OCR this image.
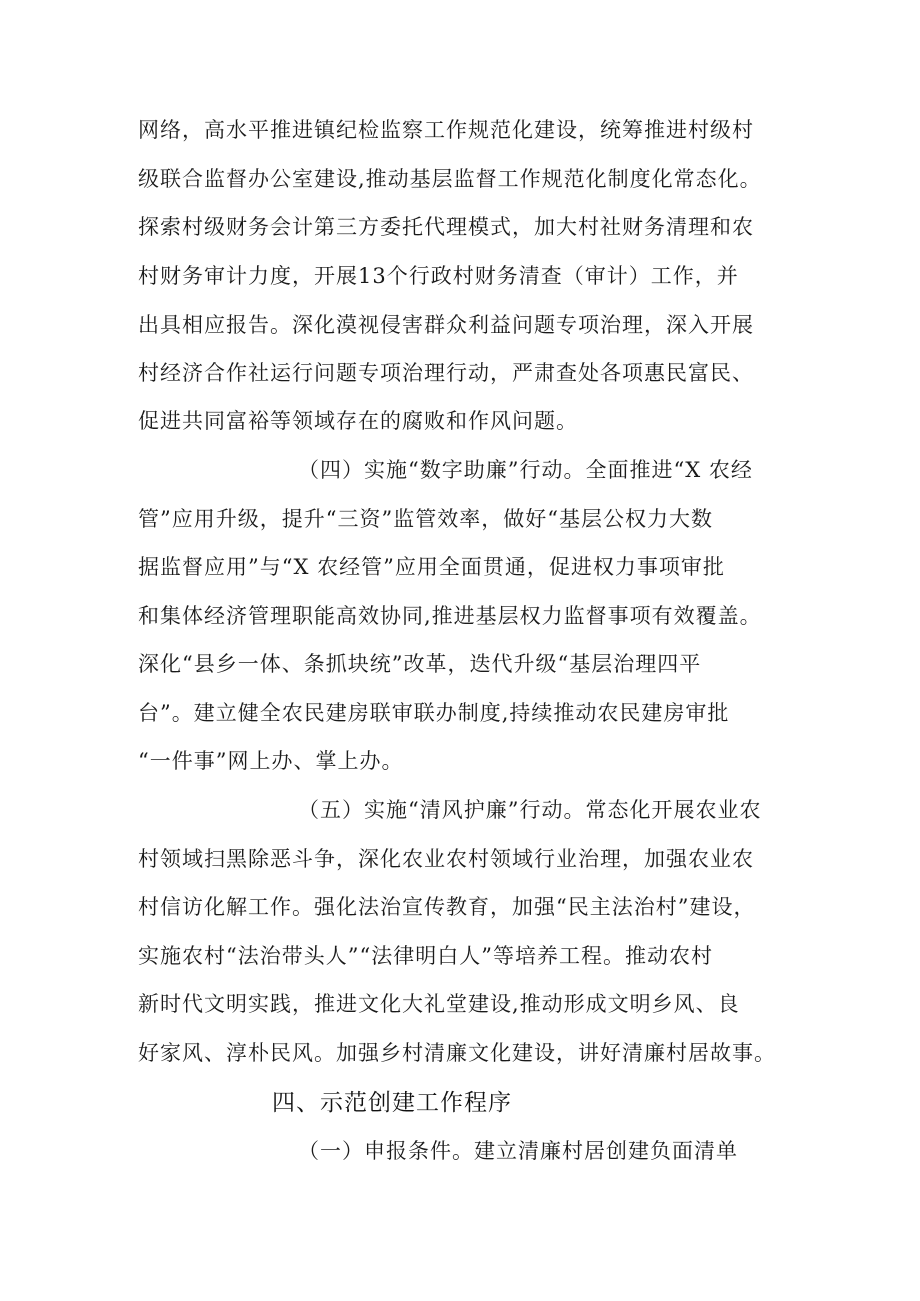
网络，高水平推进镇纪检监察工作规范化建设，统筹推进村级村
级联合监督办公室建设,推动基层监督工作规范化制度化常态化。
探索村级财务会计第三方委托代理模式，加大村社财务清理和农
村财务审计力度，开展13个行政村财务清查（审计）工作，并
出具相应报告。深化漠视侵害群众利益问题专项治理，深入开展
村经济合作社运行问题专项治理行动，严肃查处各项惠民富民、
促进共同富裕等领域存在的腐败和作风问题。
（四）实施“数字助廉”行动。全面推进“X 农经
管”应用升级，提升“三资”监管效率，做好“基层公权力大数
据监督应用”与“X 农经管”应用全面贯通，促进权力事项审批
和集体经济管理职能高效协同,推进基层权力监督事项有效覆盖。
深化“县乡一体、条抓块统”改革，迭代升级“基层治理四平
台”。建立健全农民建房联审联办制度,持续推动农民建房审批
“一件事”网上办、掌上办。
（五）实施“清风护廉”行动。常态化开展农业农
村领域扫黑除恶斗争，深化农业农村领域行业治理，加强农业农
村信访化解工作。强化法治宣传教育，加强“民主法治村”建设，
实施农村“法治带头人”“法律明白人”等培养工程。推动农村
新时代文明实践，推进文化大礼堂建设,推动形成文明乡风、良
好家风、淳朴民风。加强乡村清廉文化建设，讲好清廉村居故事。
四、示范创建工作程序
（一）申报条件。建立清廉村居创建负面清单
